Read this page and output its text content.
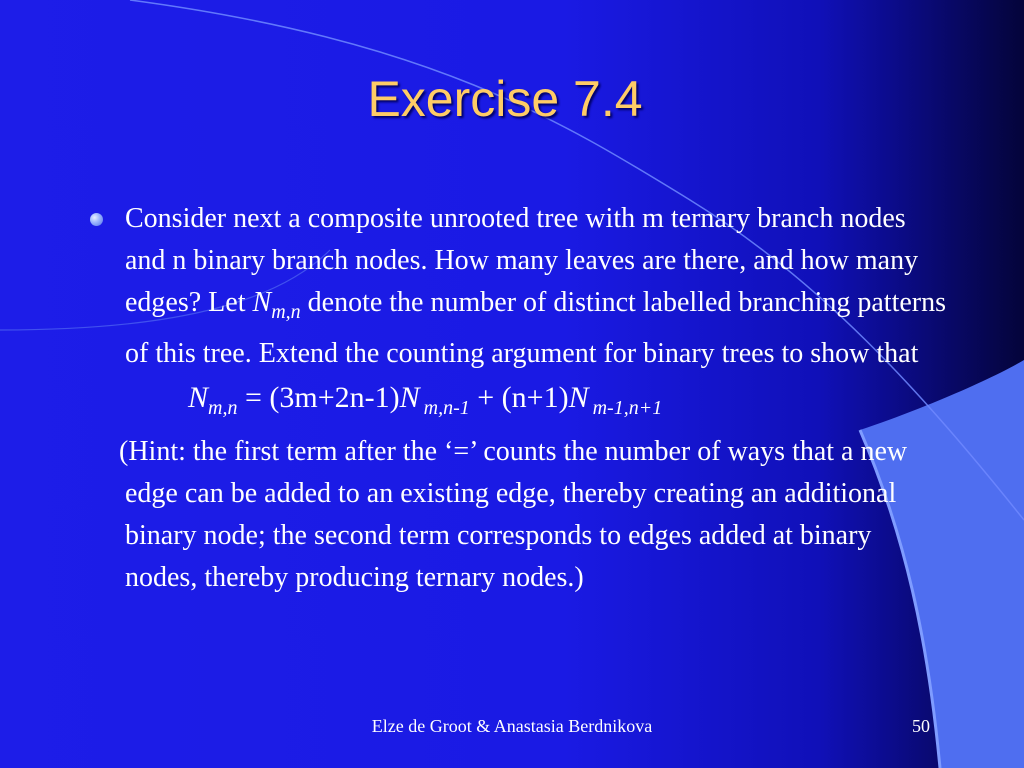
Exercise 7.4
Consider next a composite unrooted tree with m ternary branch nodes and n binary branch nodes. How many leaves are there, and how many edges? Let $N_{m,n}$ denote the number of distinct labelled branching patterns of this tree. Extend the counting argument for binary trees to show that
$N_{m,n} = (3m+2n-1)N$ $_{m,n-1}$ + (n+1)N $_{m-1,n+1}$
(Hint: the first term after the ‘=’ counts the number of ways that a new edge can be added to an existing edge, thereby creating an additional binary node; the second term corresponds to edges added at binary nodes, thereby producing ternary nodes.)
Elze de Groot & Anastasia Berdnikova	50
